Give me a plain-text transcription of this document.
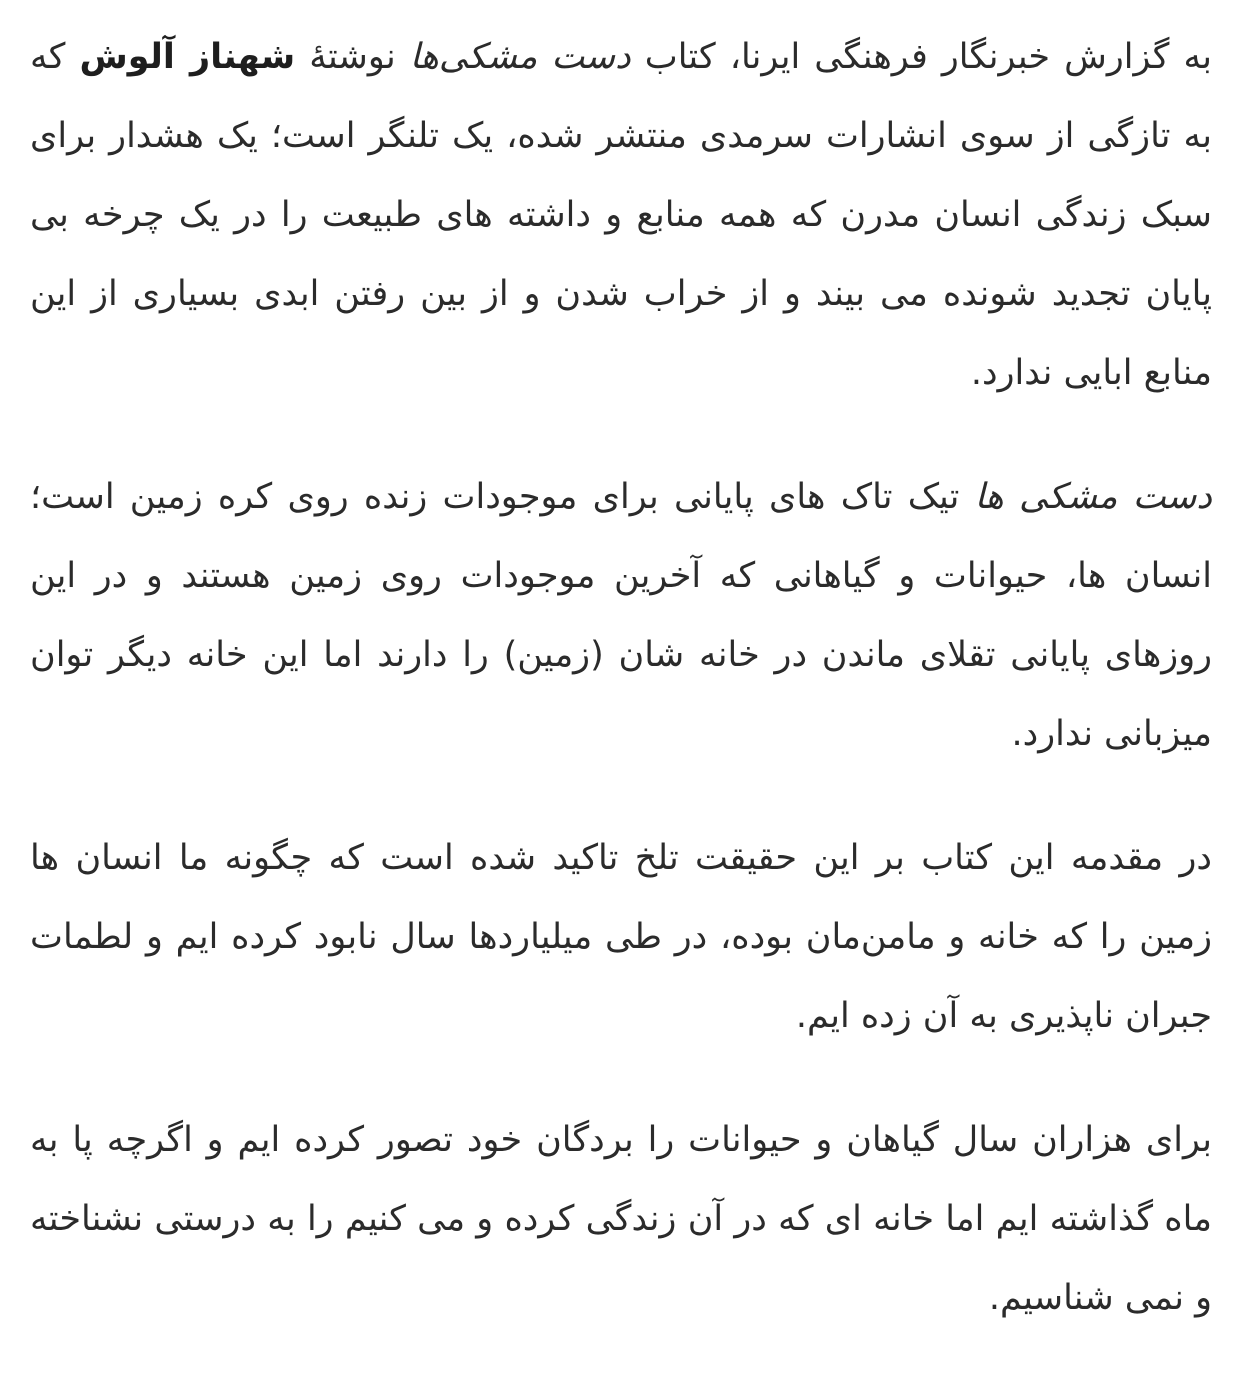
به گزارش خبرنگار فرهنگی ایرنا، کتاب دست مشکی‌ها نوشتهٔ شهناز آلوش که به تازگی از سوی انشارات سرمدی منتشر شده، یک تلنگر است؛ یک هشدار برای سبک زندگی انسان مدرن که همه منابع و داشته های طبیعت را در یک چرخه بی پایان تجدید شونده می بیند و از خراب شدن و از بین رفتن ابدی بسیاری از این منابع ابایی ندارد.

دست مشکی ها تیک تاک های پایانی برای موجودات زنده روی کره زمین است؛ انسان ها، حیوانات و گیاهانی که آخرین موجودات روی زمین هستند و در این روزهای پایانی تقلای ماندن در خانه شان (زمین) را دارند اما این خانه دیگر توان میزبانی ندارد.

در مقدمه این کتاب بر این حقیقت تلخ تاکید شده است که چگونه ما انسان ها زمین را که خانه و مامن‌مان بوده، در طی میلیاردها سال نابود کرده ایم و لطمات جبران ناپذیری به آن زده ایم.

برای هزاران سال گیاهان و حیوانات را بردگان خود تصور کرده ایم و اگرچه پا به ماه گذاشته ایم اما خانه ای که در آن زندگی کرده و می کنیم را به درستی نشناخته و نمی شناسیم.
